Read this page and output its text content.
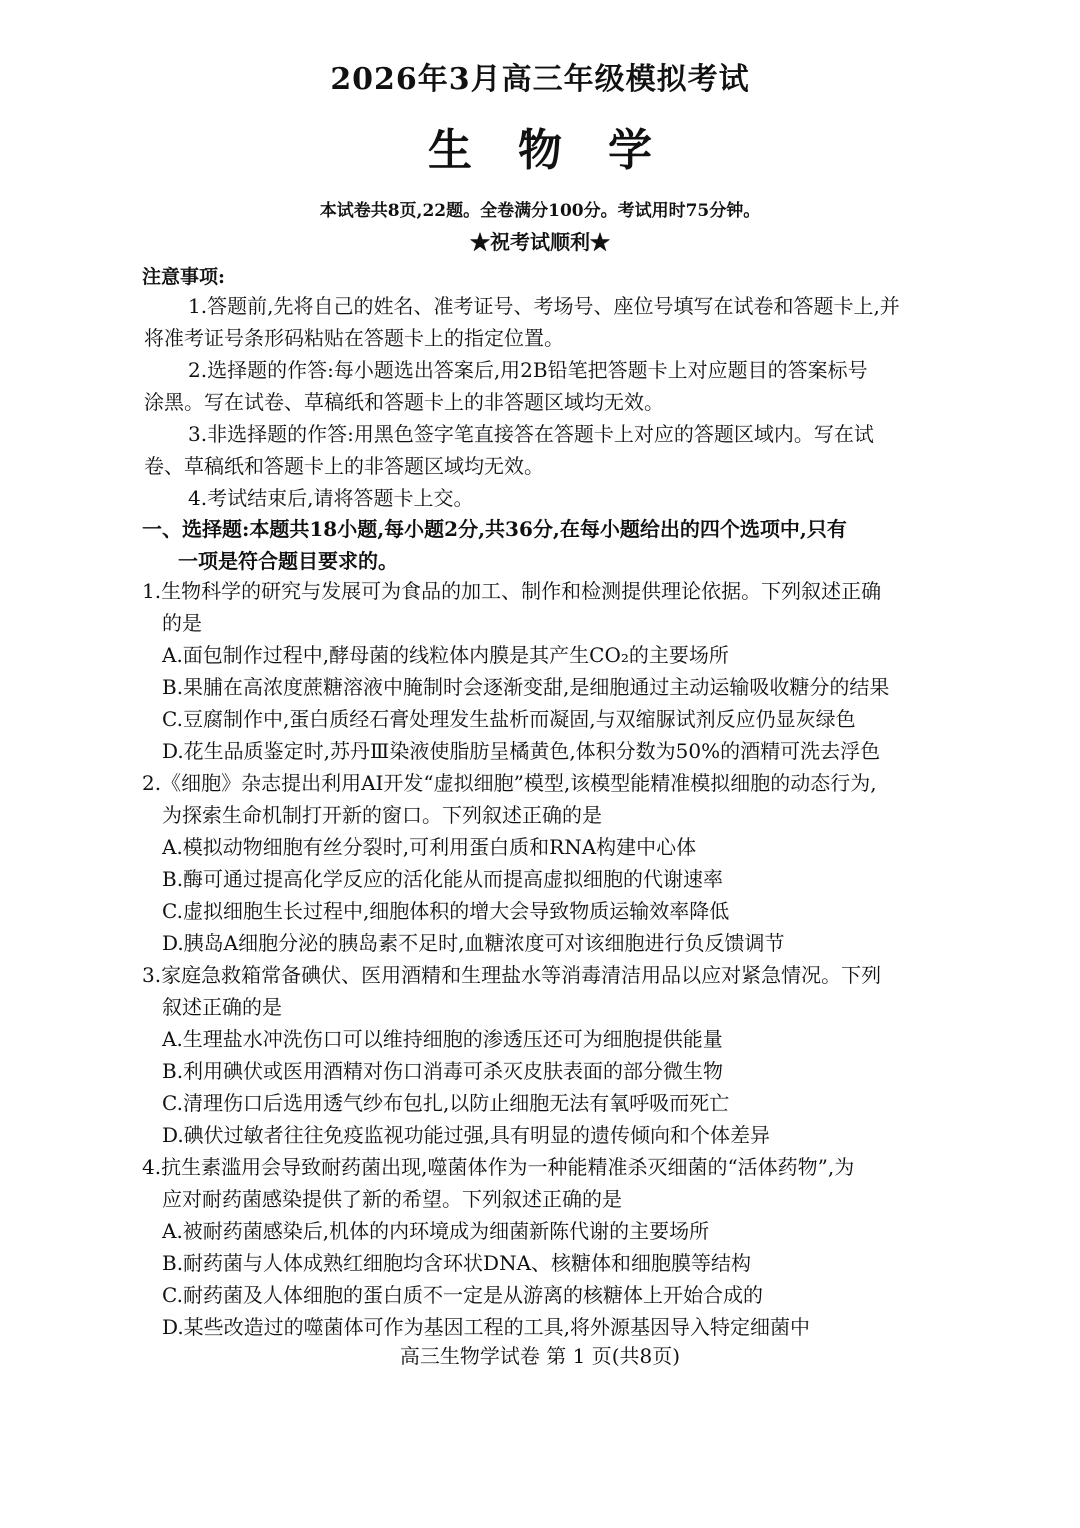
2026年3月高三年级模拟考试
生物学
本试卷共8页,22题。全卷满分100分。考试用时75分钟。
★祝考试顺利★
注意事项:
1.答题前,先将自己的姓名、准考证号、考场号、座位号填写在试卷和答题卡上,并
将准考证号条形码粘贴在答题卡上的指定位置。
2.选择题的作答:每小题选出答案后,用2B铅笔把答题卡上对应题目的答案标号
涂黑。写在试卷、草稿纸和答题卡上的非答题区域均无效。
3.非选择题的作答:用黑色签字笔直接答在答题卡上对应的答题区域内。写在试
卷、草稿纸和答题卡上的非答题区域均无效。
4.考试结束后,请将答题卡上交。
一、选择题:本题共18小题,每小题2分,共36分,在每小题给出的四个选项中,只有
一项是符合题目要求的。
1.生物科学的研究与发展可为食品的加工、制作和检测提供理论依据。下列叙述正确
的是
A.面包制作过程中,酵母菌的线粒体内膜是其产生CO₂的主要场所
B.果脯在高浓度蔗糖溶液中腌制时会逐渐变甜,是细胞通过主动运输吸收糖分的结果
C.豆腐制作中,蛋白质经石膏处理发生盐析而凝固,与双缩脲试剂反应仍显灰绿色
D.花生品质鉴定时,苏丹Ⅲ染液使脂肪呈橘黄色,体积分数为50%的酒精可洗去浮色
2.《细胞》杂志提出利用AI开发“虚拟细胞”模型,该模型能精准模拟细胞的动态行为,
为探索生命机制打开新的窗口。下列叙述正确的是
A.模拟动物细胞有丝分裂时,可利用蛋白质和RNA构建中心体
B.酶可通过提高化学反应的活化能从而提高虚拟细胞的代谢速率
C.虚拟细胞生长过程中,细胞体积的增大会导致物质运输效率降低
D.胰岛A细胞分泌的胰岛素不足时,血糖浓度可对该细胞进行负反馈调节
3.家庭急救箱常备碘伏、医用酒精和生理盐水等消毒清洁用品以应对紧急情况。下列
叙述正确的是
A.生理盐水冲洗伤口可以维持细胞的渗透压还可为细胞提供能量
B.利用碘伏或医用酒精对伤口消毒可杀灭皮肤表面的部分微生物
C.清理伤口后选用透气纱布包扎,以防止细胞无法有氧呼吸而死亡
D.碘伏过敏者往往免疫监视功能过强,具有明显的遗传倾向和个体差异
4.抗生素滥用会导致耐药菌出现,噬菌体作为一种能精准杀灭细菌的“活体药物”,为
应对耐药菌感染提供了新的希望。下列叙述正确的是
A.被耐药菌感染后,机体的内环境成为细菌新陈代谢的主要场所
B.耐药菌与人体成熟红细胞均含环状DNA、核糖体和细胞膜等结构
C.耐药菌及人体细胞的蛋白质不一定是从游离的核糖体上开始合成的
D.某些改造过的噬菌体可作为基因工程的工具,将外源基因导入特定细菌中
高三生物学试卷 第 1 页(共8页)
